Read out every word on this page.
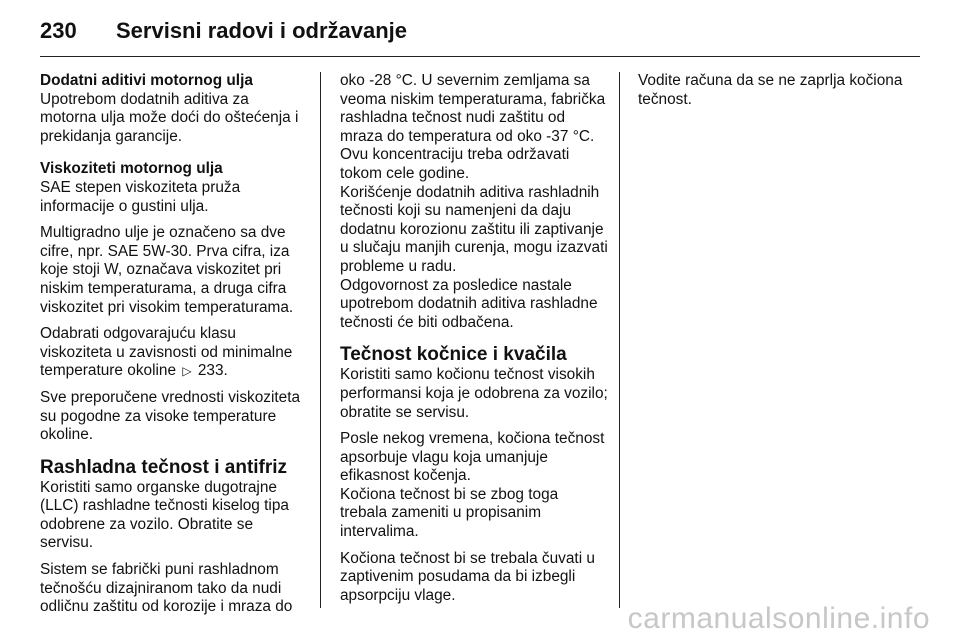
230 Servisni radovi i održavanje
Dodatni aditivi motornog ulja
Upotrebom dodatnih aditiva za motorna ulja može doći do oštećenja i prekidanja garancije.
Viskoziteti motornog ulja
SAE stepen viskoziteta pruža informacije o gustini ulja.
Multigradno ulje je označeno sa dve cifre, npr. SAE 5W-30. Prva cifra, iza koje stoji W, označava viskozitet pri niskim temperaturama, a druga cifra viskozitet pri visokim temperaturama.
Odabrati odgovarajuću klasu viskoziteta u zavisnosti od minimalne temperature okoline ▷ 233.
Sve preporučene vrednosti viskoziteta su pogodne za visoke temperature okoline.
Rashladna tečnost i antifriz
Koristiti samo organske dugotrajne (LLC) rashladne tečnosti kiselog tipa odobrene za vozilo. Obratite se servisu.
Sistem se fabrički puni rashladnom tečnošću dizajniranom tako da nudi odličnu zaštitu od korozije i mraza do
oko -28 °C. U severnim zemljama sa veoma niskim temperaturama, fabrička rashladna tečnost nudi zaštitu od mraza do temperatura od oko -37 °C. Ovu koncentraciju treba održavati tokom cele godine.
Korišćenje dodatnih aditiva rashladnih tečnosti koji su namenjeni da daju dodatnu korozionu zaštitu ili zaptivanje u slučaju manjih curenja, mogu izazvati probleme u radu.
Odgovornost za posledice nastale upotrebom dodatnih aditiva rashladne tečnosti će biti odbačena.
Tečnost kočnice i kvačila
Koristiti samo kočionu tečnost visokih performansi koja je odobrena za vozilo; obratite se servisu.
Posle nekog vremena, kočiona tečnost apsorbuje vlagu koja umanjuje efikasnost kočenja.
Kočiona tečnost bi se zbog toga trebala zameniti u propisanim intervalima.
Kočiona tečnost bi se trebala čuvati u zaptivenim posudama da bi izbegli apsorpciju vlage.
Vodite računa da se ne zaprlja kočiona tečnost.
carmanualsonline.info
